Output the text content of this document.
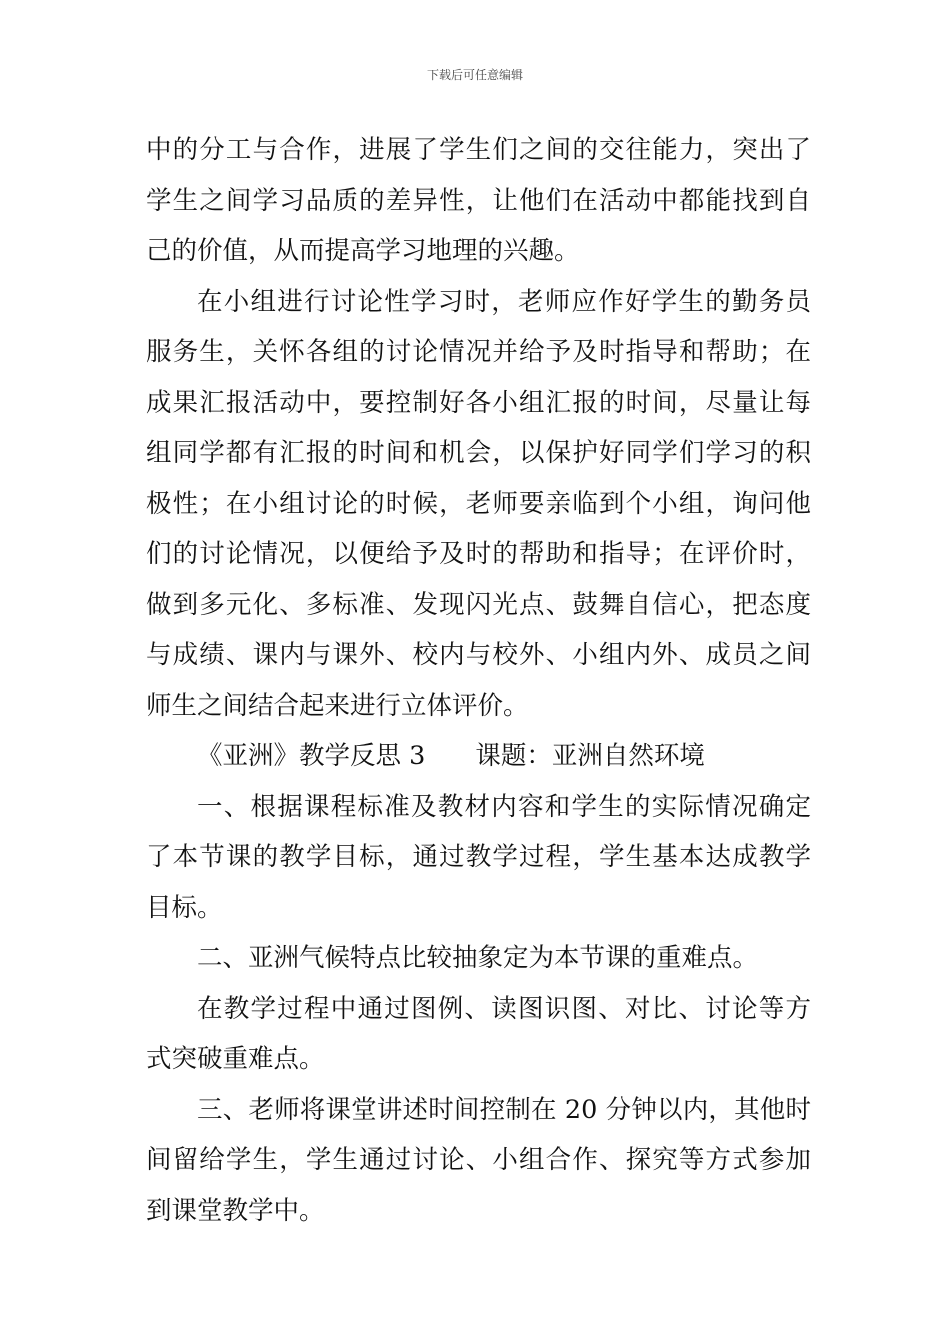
下载后可任意编辑
中的分工与合作，进展了学生们之间的交往能力，突出了
学生之间学习品质的差异性，让他们在活动中都能找到自
己的价值，从而提高学习地理的兴趣。
在小组进行讨论性学习时，老师应作好学生的勤务员
服务生，关怀各组的讨论情况并给予及时指导和帮助；在
成果汇报活动中，要控制好各小组汇报的时间，尽量让每
组同学都有汇报的时间和机会，以保护好同学们学习的积
极性；在小组讨论的时候，老师要亲临到个小组，询问他
们的讨论情况，以便给予及时的帮助和指导；在评价时，
做到多元化、多标准、发现闪光点、鼓舞自信心，把态度
与成绩、课内与课外、校内与校外、小组内外、成员之间
师生之间结合起来进行立体评价。
《亚洲》教学反思 3 课题：亚洲自然环境
一、根据课程标准及教材内容和学生的实际情况确定
了本节课的教学目标，通过教学过程，学生基本达成教学
目标。
二、亚洲气候特点比较抽象定为本节课的重难点。
在教学过程中通过图例、读图识图、对比、讨论等方
式突破重难点。
三、老师将课堂讲述时间控制在 20 分钟以内，其他时
间留给学生，学生通过讨论、小组合作、探究等方式参加
到课堂教学中。
